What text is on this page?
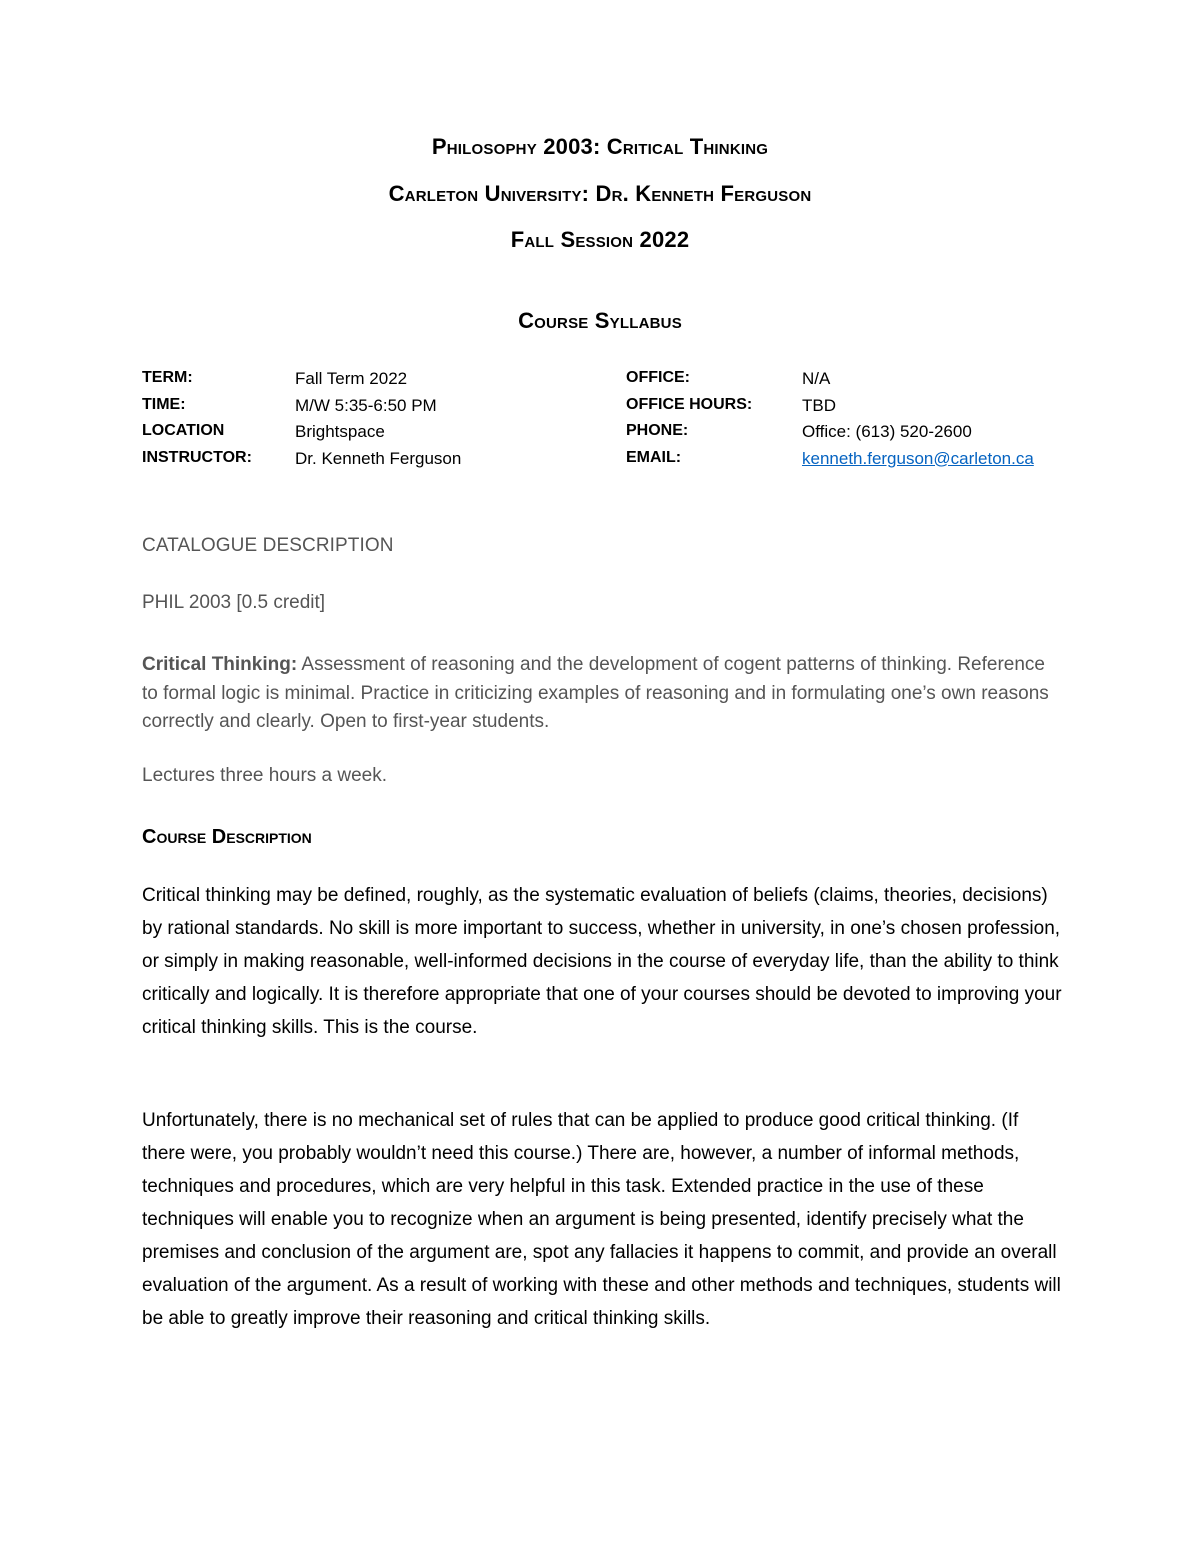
Philosophy 2003: Critical Thinking
Carleton University: Dr. Kenneth Ferguson
Fall Session 2022
Course Syllabus
TERM:	Fall Term 2022	OFFICE:	N/A
TIME:	M/W 5:35-6:50 PM	OFFICE HOURS:	TBD
LOCATION	Brightspace	PHONE:	Office: (613) 520-2600
INSTRUCTOR:	Dr. Kenneth Ferguson	EMAIL:	kenneth.ferguson@carleton.ca

CATALOGUE DESCRIPTION

PHIL 2003 [0.5 credit]

Critical Thinking: Assessment of reasoning and the development of cogent patterns of thinking. Reference to formal logic is minimal. Practice in criticizing examples of reasoning and in formulating one’s own reasons correctly and clearly. Open to first-year students.

Lectures three hours a week.

Course Description

Critical thinking may be defined, roughly, as the systematic evaluation of beliefs (claims, theories, decisions) by rational standards. No skill is more important to success, whether in university, in one’s chosen profession, or simply in making reasonable, well-informed decisions in the course of everyday life, than the ability to think critically and logically. It is therefore appropriate that one of your courses should be devoted to improving your critical thinking skills. This is the course.

Unfortunately, there is no mechanical set of rules that can be applied to produce good critical thinking. (If there were, you probably wouldn’t need this course.) There are, however, a number of informal methods, techniques and procedures, which are very helpful in this task. Extended practice in the use of these techniques will enable you to recognize when an argument is being presented, identify precisely what the premises and conclusion of the argument are, spot any fallacies it happens to commit, and provide an overall evaluation of the argument. As a result of working with these and other methods and techniques, students will be able to greatly improve their reasoning and critical thinking skills.
